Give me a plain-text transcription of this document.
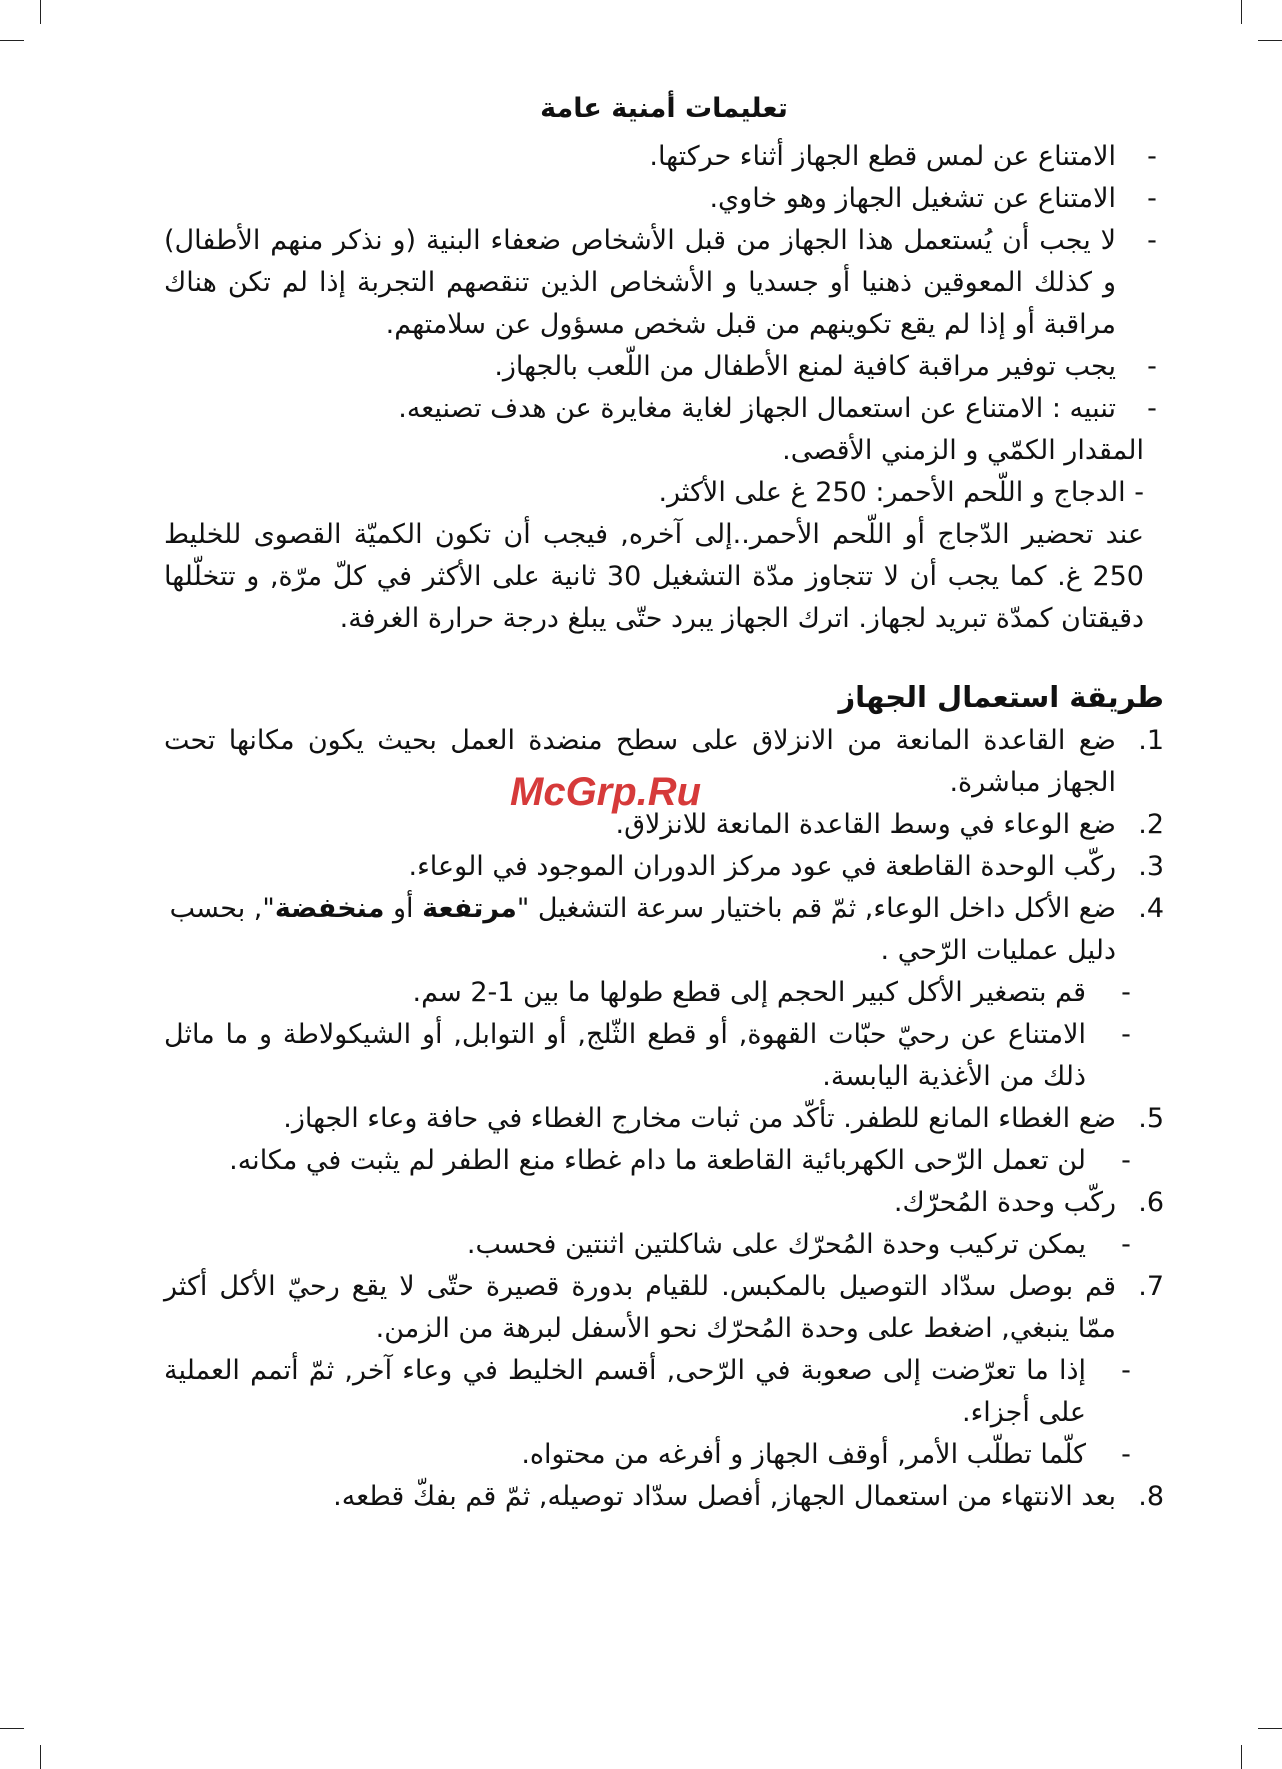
McGrp.Ru
تعليمات أمنية عامة
-
الامتناع عن لمس قطع الجهاز أثناء حركتها.
-
الامتناع عن تشغيل الجهاز وهو خاوي.
-
لا يجب أن يُستعمل هذا الجهاز من قبل الأشخاص ضعفاء البنية (و نذكر منهم الأطفال) و كذلك المعوقين ذهنيا أو جسديا و الأشخاص الذين تنقصهم التجربة إذا لم تكن هناك مراقبة أو إذا لم يقع تكوينهم من قبل شخص مسؤول عن سلامتهم.
-
يجب توفير مراقبة كافية لمنع الأطفال من اللّعب بالجهاز.
-
تنبيه : الامتناع عن استعمال الجهاز لغاية مغايرة عن هدف تصنيعه.
المقدار الكمّي و الزمني الأقصى.
- الدجاج و اللّحم الأحمر: 250 غ على الأكثر.
عند تحضير الدّجاج أو اللّحم الأحمر..إلى آخره, فيجب أن تكون الكميّة القصوى للخليط 250 غ. كما يجب أن لا تتجاوز مدّة التشغيل 30 ثانية على الأكثر في كلّ مرّة, و تتخلّلها دقيقتان كمدّة تبريد لجهاز. اترك الجهاز يبرد حتّى يبلغ درجة حرارة الغرفة.
طريقة استعمال الجهاز
1.
ضع القاعدة المانعة من الانزلاق على سطح منضدة العمل بحيث يكون مكانها تحت الجهاز مباشرة.
2.
ضع الوعاء في وسط القاعدة المانعة للانزلاق.
3.
ركّب الوحدة القاطعة في عود مركز الدوران الموجود في الوعاء.
4.
ضع الأكل داخل الوعاء, ثمّ قم باختيار سرعة التشغيل "مرتفعة أو منخفضة", بحسب دليل عمليات الرّحي .
-
قم بتصغير الأكل كبير الحجم إلى قطع طولها ما بين 1-2 سم.
-
الامتناع عن رحيّ حبّات القهوة, أو قطع الثّلج, أو التوابل, أو الشيكولاطة و ما ماثل ذلك من الأغذية اليابسة.
5.
ضع الغطاء المانع للطفر. تأكّد من ثبات مخارج الغطاء في حافة وعاء الجهاز.
-
لن تعمل الرّحى الكهربائية القاطعة ما دام غطاء منع الطفر لم يثبت في مكانه.
6.
ركّب وحدة المُحرّك.
-
يمكن تركيب وحدة المُحرّك على شاكلتين اثنتين فحسب.
7.
قم بوصل سدّاد التوصيل بالمكبس. للقيام بدورة قصيرة حتّى لا يقع رحيّ الأكل أكثر ممّا ينبغي, اضغط على وحدة المُحرّك نحو الأسفل لبرهة من الزمن.
-
إذا ما تعرّضت إلى صعوبة في الرّحى, أقسم الخليط في وعاء آخر, ثمّ أتمم العملية على أجزاء.
-
كلّما تطلّب الأمر, أوقف الجهاز و أفرغه من محتواه.
8.
بعد الانتهاء من استعمال الجهاز, أفصل سدّاد توصيله, ثمّ قم بفكّ قطعه.
